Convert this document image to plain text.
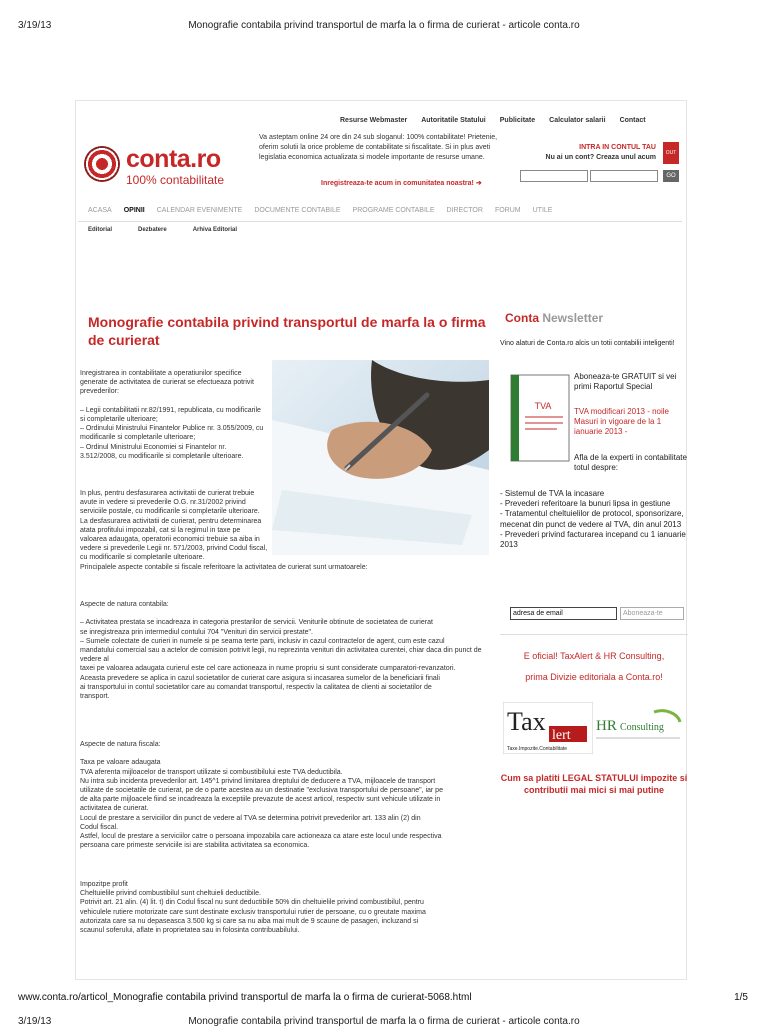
3/19/13	Monografie contabila privind transportul de marfa la o firma de curierat - articole conta.ro
Resurse Webmaster Autoritatile Statului Publicitate Calculator salarii Contact
conta.ro
100% contabilitate
Va asteptam online 24 ore din 24 sub sloganul: 100% contabilitate! Prietenie, oferim solutii la orice probleme de contabilitate si fiscalitate. Si in plus aveti legislatia economica actualizata si modele importante de resurse umane.
Inregistreaza-te acum in comunitatea noastra! ➔
INTRA IN CONTUL TAU
Nu ai un cont? Creaza unul acum
OUT
GO
ACASA OPINII CALENDAR EVENIMENTE DOCUMENTE CONTABILE PROGRAME CONTABILE DIRECTOR FORUM UTILE
Editorial	Dezbatere	Arhiva Editorial
Monografie contabila privind transportul de marfa la o firma de curierat
Inregistrarea in contabilitate a operatiunilor specifice
generate de activitatea de curierat se efectueaza potrivit
prevederilor:

– Legii contabilitatii nr.82/1991, republicata, cu modificarile
si completarile ulterioare;
– Ordinului Ministrului Finantelor Publice nr. 3.055/2009, cu
modificarile si completarile ulterioare;
– Ordinul Ministrului Economiei si Finantelor nr.
3.512/2008, cu modificarile si completarile ulterioare.
In plus, pentru desfasurarea activitatii de curierat trebuie
avute in vedere si prevederile O.G. nr.31/2002 privind
serviciile postale, cu modificarile si completarile ulterioare.
La desfasurarea activitatii de curierat, pentru determinarea
atata profitului impozabil, cat si la regimul in taxe pe
valoarea adaugata, operatorii economici trebuie sa aiba in
vedere si prevederile Legii nr. 571/2003, privind Codul fiscal,
cu modificarile si completarile ulterioare.
Principalele aspecte contabile si fiscale referitoare la activitatea de curierat sunt urmatoarele:
Aspecte de natura contabila:

– Activitatea prestata se incadreaza in categoria prestarilor de servicii. Veniturile obtinute de societatea de curierat
se inregistreaza prin intermediul contului 704 "Venituri din servicii prestate".
– Sumele colectate de curieri in numele si pe seama terte parti, inclusiv in cazul contractelor de agent, cum este cazul
mandatului comercial sau a actelor de comision potrivit legii, nu reprezinta venituri din activitatea curentei, chiar daca din punct de vedere al
taxei pe valoarea adaugata curierul este cel care actioneaza in nume propriu si sunt considerate cumparatori-revanzatori.
Aceasta prevedere se aplica in cazul societatilor de curierat care asigura si incasarea sumelor de la beneficiarii finali
ai transportului in contul societatilor care au comandat transportul, respectiv la calitatea de clienti ai societatilor de
transport.
Aspecte de natura fiscala:

Taxa pe valoare adaugata
TVA aferenta mijloacelor de transport utilizate si combustibilului este TVA deductibila.
Nu intra sub incidenta prevederilor art. 145^1 privind limitarea dreptului de deducere a TVA, mijloacele de transport
utilizate de societatile de curierat, pe de o parte acestea au un destinatie "exclusiva transportului de persoane", iar pe
de alta parte mijloacele fiind se incadreaza la exceptiile prevazute de acest articol, respectiv sunt vehicule utilizate in
activitatea de curierat.
Locul de prestare a serviciilor din punct de vedere al TVA se determina potrivit prevederilor art. 133 alin (2) din
Codul fiscal.
Astfel, locul de prestare a serviciilor catre o persoana impozabila care actioneaza ca atare este locul unde respectiva
persoana care primeste serviciile isi are stabilita activitatea sa economica.
Impozitpe profit
Cheltuielile privind combustibilul sunt cheltuieli deductibile.
Potrivit art. 21 alin. (4) lit. t) din Codul fiscal nu sunt deductibile 50% din cheltuielile privind combustibilul, pentru
vehiculele rutiere motorizate care sunt destinate exclusiv transportului rutier de persoane, cu o greutate maxima
autorizata care sa nu depaseasca 3.500 kg si care sa nu aiba mai mult de 9 scaune de pasageri, incluzand si
scaunul soferului, aflate in proprietatea sau in folosinta contribuabilului.
Conta Newsletter
Vino alaturi de Conta.ro alcis un totii contabilii inteligenti!
TVA
Aboneaza-te GRATUIT si vei primi Raportul Special
TVA modificari 2013 - noile Masuri in vigoare de la 1 ianuarie 2013 -
Afla de la experti in contabilitate totul despre:
- Sistemul de TVA la incasare
- Prevederi referitoare la bunuri lipsa in gestiune
- Tratamentul cheltuielilor de protocol, sponsorizare, mecenat din punct de vedere al TVA, din anul 2013
- Prevederi privind facturarea incepand cu 1 ianuarie 2013
adresa de email	Aboneaza-te
E oficial! TaxAlert & HR Consulting,
prima Divizie editoriala a Conta.ro!
Tax lert
Taxe.Impozite.Contabilitate
HR Consulting
Cum sa platiti LEGAL STATULUI impozite si contributii mai mici si mai putine
www.conta.ro/articol_Monografie contabila privind transportul de marfa la o firma de curierat-5068.html	1/5
3/19/13	Monografie contabila privind transportul de marfa la o firma de curierat - articole conta.ro
